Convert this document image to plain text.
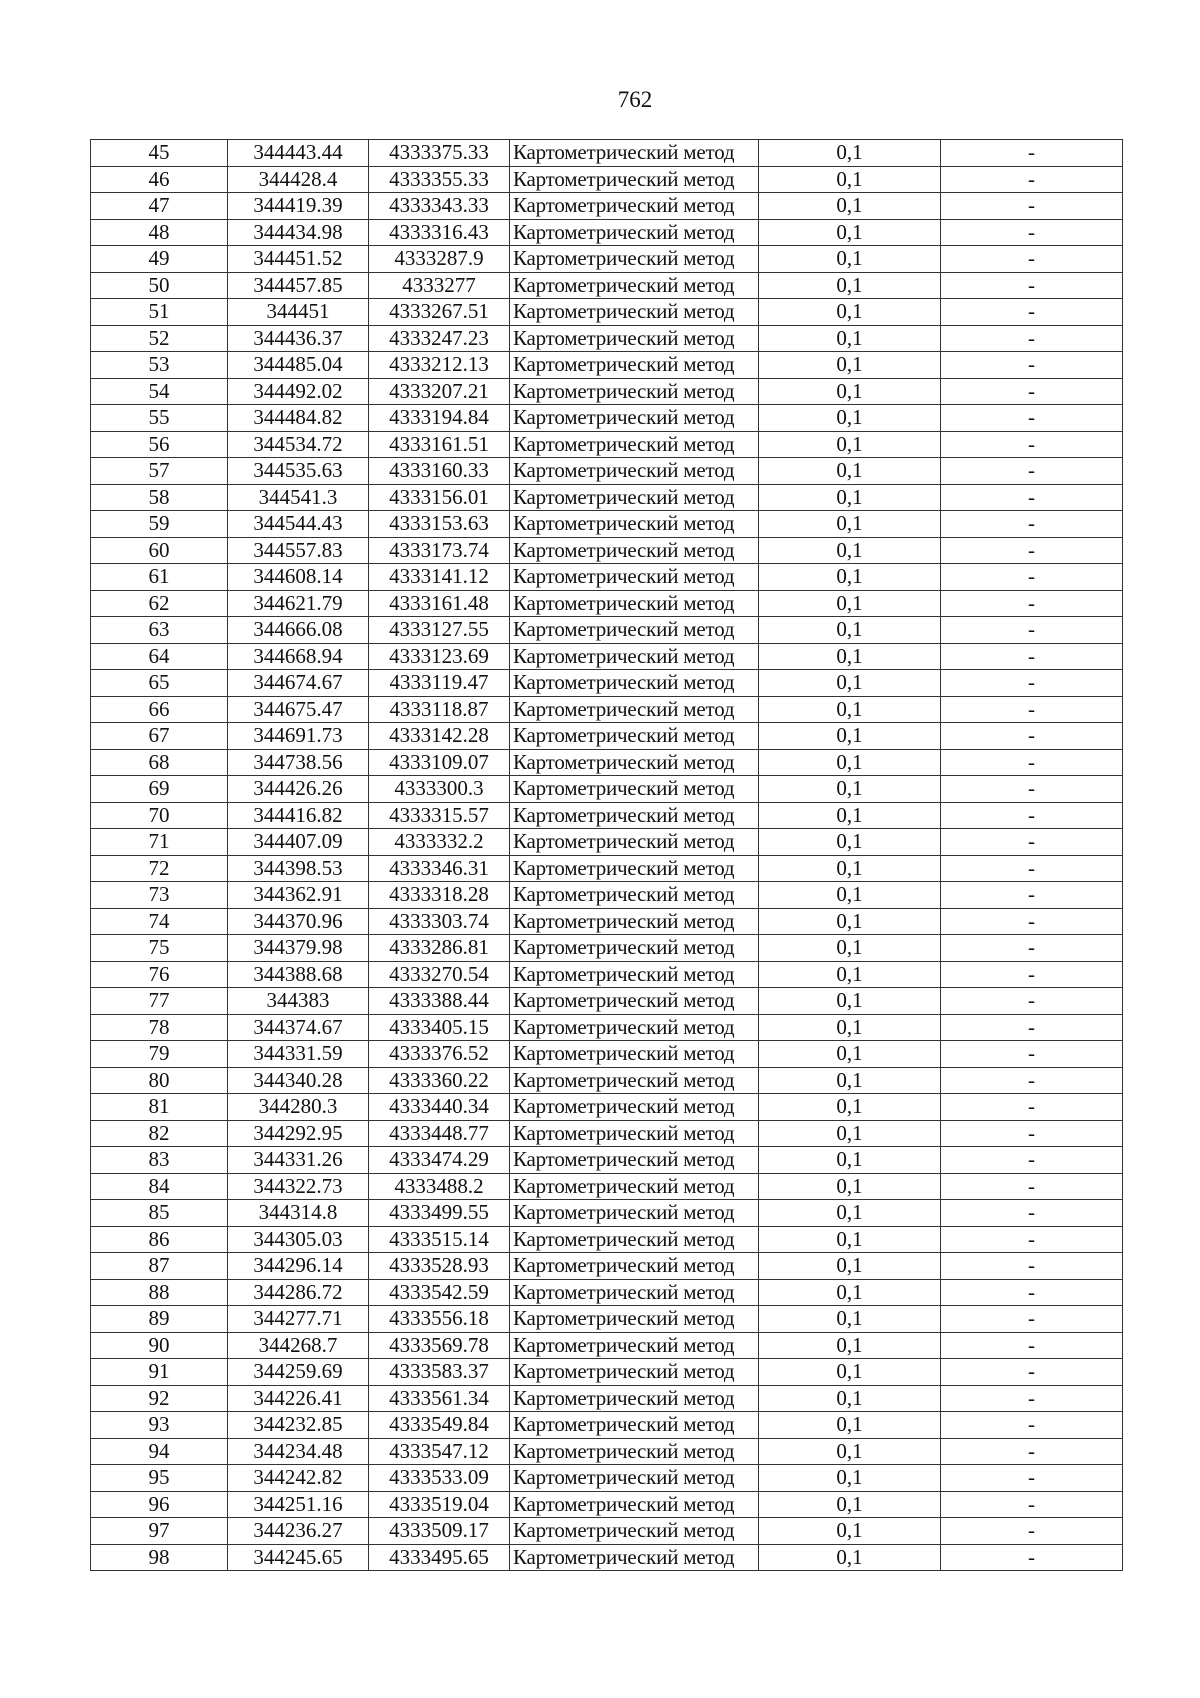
762
45	344443.44	4333375.33	Картометрический метод	0,1	-
46	344428.4	4333355.33	Картометрический метод	0,1	-
47	344419.39	4333343.33	Картометрический метод	0,1	-
48	344434.98	4333316.43	Картометрический метод	0,1	-
49	344451.52	4333287.9	Картометрический метод	0,1	-
50	344457.85	4333277	Картометрический метод	0,1	-
51	344451	4333267.51	Картометрический метод	0,1	-
52	344436.37	4333247.23	Картометрический метод	0,1	-
53	344485.04	4333212.13	Картометрический метод	0,1	-
54	344492.02	4333207.21	Картометрический метод	0,1	-
55	344484.82	4333194.84	Картометрический метод	0,1	-
56	344534.72	4333161.51	Картометрический метод	0,1	-
57	344535.63	4333160.33	Картометрический метод	0,1	-
58	344541.3	4333156.01	Картометрический метод	0,1	-
59	344544.43	4333153.63	Картометрический метод	0,1	-
60	344557.83	4333173.74	Картометрический метод	0,1	-
61	344608.14	4333141.12	Картометрический метод	0,1	-
62	344621.79	4333161.48	Картометрический метод	0,1	-
63	344666.08	4333127.55	Картометрический метод	0,1	-
64	344668.94	4333123.69	Картометрический метод	0,1	-
65	344674.67	4333119.47	Картометрический метод	0,1	-
66	344675.47	4333118.87	Картометрический метод	0,1	-
67	344691.73	4333142.28	Картометрический метод	0,1	-
68	344738.56	4333109.07	Картометрический метод	0,1	-
69	344426.26	4333300.3	Картометрический метод	0,1	-
70	344416.82	4333315.57	Картометрический метод	0,1	-
71	344407.09	4333332.2	Картометрический метод	0,1	-
72	344398.53	4333346.31	Картометрический метод	0,1	-
73	344362.91	4333318.28	Картометрический метод	0,1	-
74	344370.96	4333303.74	Картометрический метод	0,1	-
75	344379.98	4333286.81	Картометрический метод	0,1	-
76	344388.68	4333270.54	Картометрический метод	0,1	-
77	344383	4333388.44	Картометрический метод	0,1	-
78	344374.67	4333405.15	Картометрический метод	0,1	-
79	344331.59	4333376.52	Картометрический метод	0,1	-
80	344340.28	4333360.22	Картометрический метод	0,1	-
81	344280.3	4333440.34	Картометрический метод	0,1	-
82	344292.95	4333448.77	Картометрический метод	0,1	-
83	344331.26	4333474.29	Картометрический метод	0,1	-
84	344322.73	4333488.2	Картометрический метод	0,1	-
85	344314.8	4333499.55	Картометрический метод	0,1	-
86	344305.03	4333515.14	Картометрический метод	0,1	-
87	344296.14	4333528.93	Картометрический метод	0,1	-
88	344286.72	4333542.59	Картометрический метод	0,1	-
89	344277.71	4333556.18	Картометрический метод	0,1	-
90	344268.7	4333569.78	Картометрический метод	0,1	-
91	344259.69	4333583.37	Картометрический метод	0,1	-
92	344226.41	4333561.34	Картометрический метод	0,1	-
93	344232.85	4333549.84	Картометрический метод	0,1	-
94	344234.48	4333547.12	Картометрический метод	0,1	-
95	344242.82	4333533.09	Картометрический метод	0,1	-
96	344251.16	4333519.04	Картометрический метод	0,1	-
97	344236.27	4333509.17	Картометрический метод	0,1	-
98	344245.65	4333495.65	Картометрический метод	0,1	-
